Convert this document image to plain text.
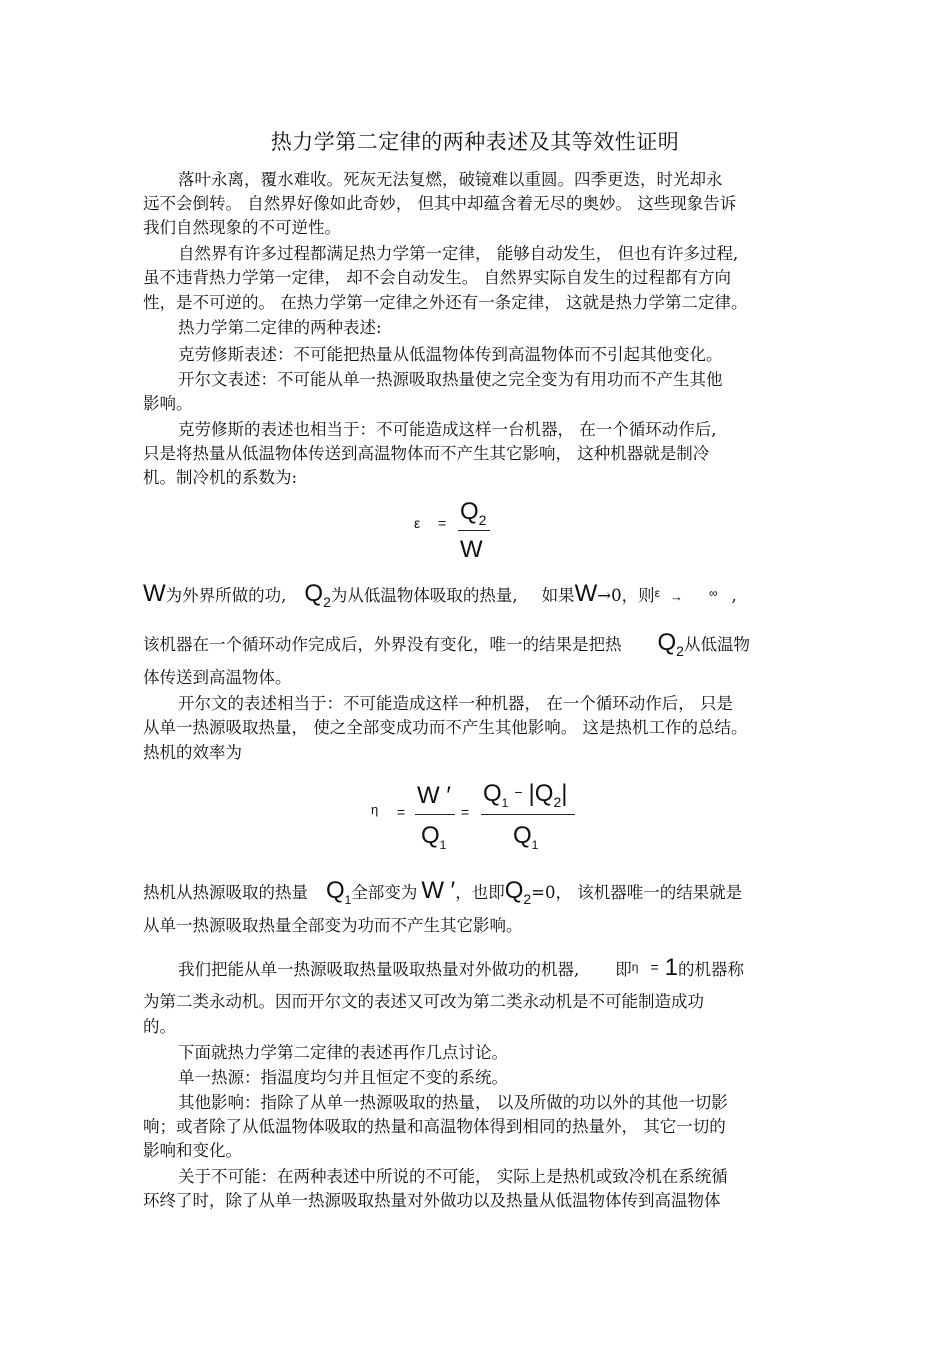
热力学第二定律的两种表述及其等效性证明
落叶永离，覆水难收。死灰无法复燃，破镜难以重圆。四季更迭，时光却永
远不会倒转。 自然界好像如此奇妙， 但其中却蕴含着无尽的奥妙。 这些现象告诉
我们自然现象的不可逆性。
自然界有许多过程都满足热力学第一定律， 能够自动发生， 但也有许多过程,
虽不违背热力学第一定律， 却不会自动发生。 自然界实际自发生的过程都有方向
性，是不可逆的。 在热力学第一定律之外还有一条定律， 这就是热力学第二定律。
热力学第二定律的两种表述:
克劳修斯表述：不可能把热量从低温物体传到高温物体而不引起其他变化。
开尔文表述：不可能从单一热源吸取热量使之完全变为有用功而不产生其他
影响。
克劳修斯的表述也相当于：不可能造成这样一台机器， 在一个循环动作后,
只是将热量从低温物体传送到高温物体而不产生其它影响， 这种机器就是制冷
机。制冷机的系数为:
$\varepsilon = Q_2$
W
W为外界所做的功, $Q_2$为从低温物体吸取的热量, 如果W→0，则$^\varepsilon$ → ∞ ,
该机器在一个循环动作完成后，外界没有变化，唯一的结果是把热 $Q_2$从低温物
体传送到高温物体。
开尔文的表述相当于：不可能造成这样一种机器， 在一个循环动作后， 只是
从单一热源吸取热量， 使之全部变成功而不产生其他影响。 这是热机工作的总结。
热机的效率为
η =
W ′
$Q_1$
=
$Q_1- |Q_2|$
$Q_1$
热机从热源吸取的热量 $Q_1$全部变为 W ′，也即$Q_2=0$， 该机器唯一的结果就是
从单一热源吸取热量全部变为功而不产生其它影响。
我们把能从单一热源吸取热量吸取热量对外做功的机器, 即$^\eta$ = 1的机器称
为第二类永动机。因而开尔文的表述又可改为第二类永动机是不可能制造成功
的。
下面就热力学第二定律的表述再作几点讨论。
单一热源：指温度均匀并且恒定不变的系统。
其他影响：指除了从单一热源吸取的热量， 以及所做的功以外的其他一切影
响；或者除了从低温物体吸取的热量和高温物体得到相同的热量外， 其它一切的
影响和变化。
关于不可能：在两种表述中所说的不可能， 实际上是热机或致冷机在系统循
环终了时，除了从单一热源吸取热量对外做功以及热量从低温物体传到高温物体
